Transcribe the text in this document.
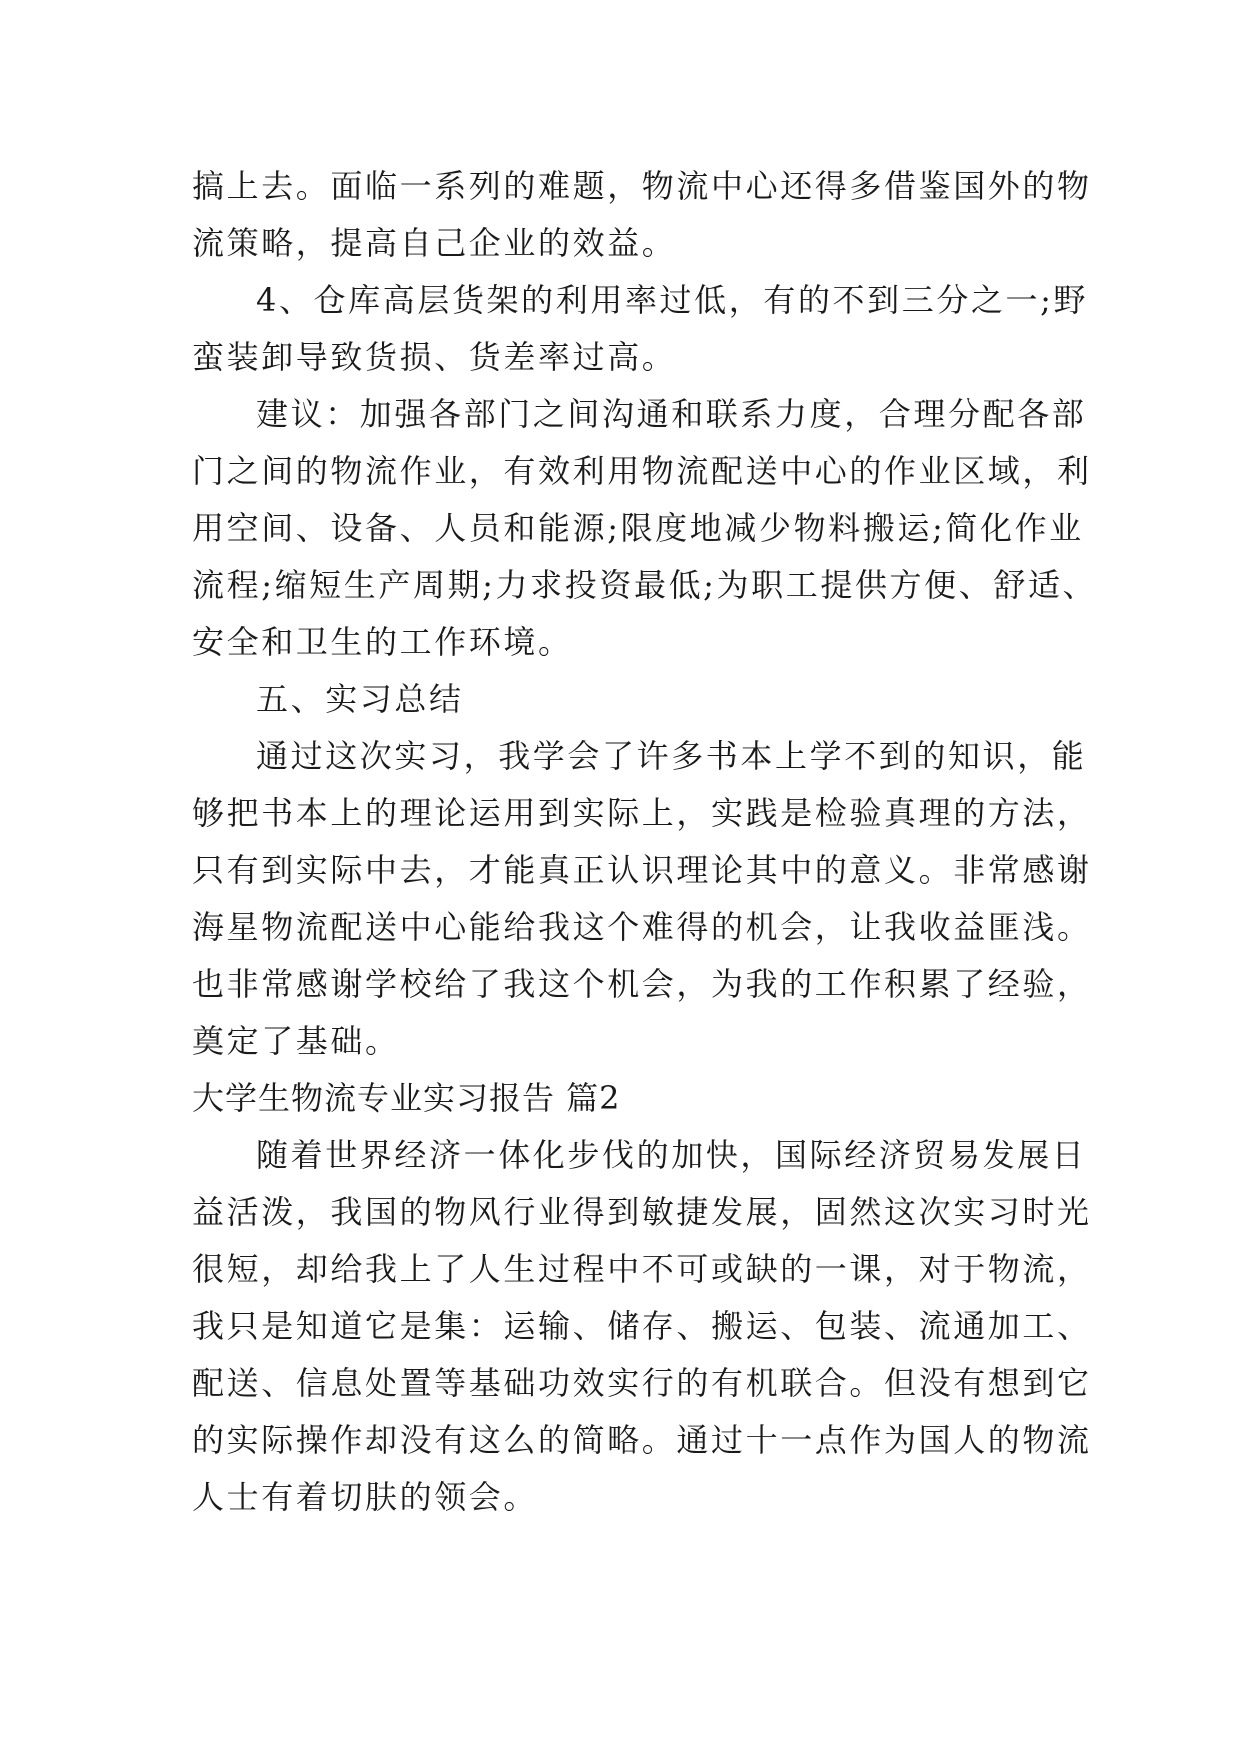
搞上去。面临一系列的难题，物流中心还得多借鉴国外的物
流策略，提高自己企业的效益。
4、仓库高层货架的利用率过低，有的不到三分之一;野
蛮装卸导致货损、货差率过高。
建议：加强各部门之间沟通和联系力度，合理分配各部
门之间的物流作业，有效利用物流配送中心的作业区域，利
用空间、设备、人员和能源;限度地减少物料搬运;简化作业
流程;缩短生产周期;力求投资最低;为职工提供方便、舒适、
安全和卫生的工作环境。
五、实习总结
通过这次实习，我学会了许多书本上学不到的知识，能
够把书本上的理论运用到实际上，实践是检验真理的方法，
只有到实际中去，才能真正认识理论其中的意义。非常感谢
海星物流配送中心能给我这个难得的机会，让我收益匪浅。
也非常感谢学校给了我这个机会，为我的工作积累了经验，
奠定了基础。
大学生物流专业实习报告 篇2
随着世界经济一体化步伐的加快，国际经济贸易发展日
益活泼，我国的物风行业得到敏捷发展，固然这次实习时光
很短，却给我上了人生过程中不可或缺的一课，对于物流，
我只是知道它是集：运输、储存、搬运、包装、流通加工、
配送、信息处置等基础功效实行的有机联合。但没有想到它
的实际操作却没有这么的简略。通过十一点作为国人的物流
人士有着切肤的领会。
